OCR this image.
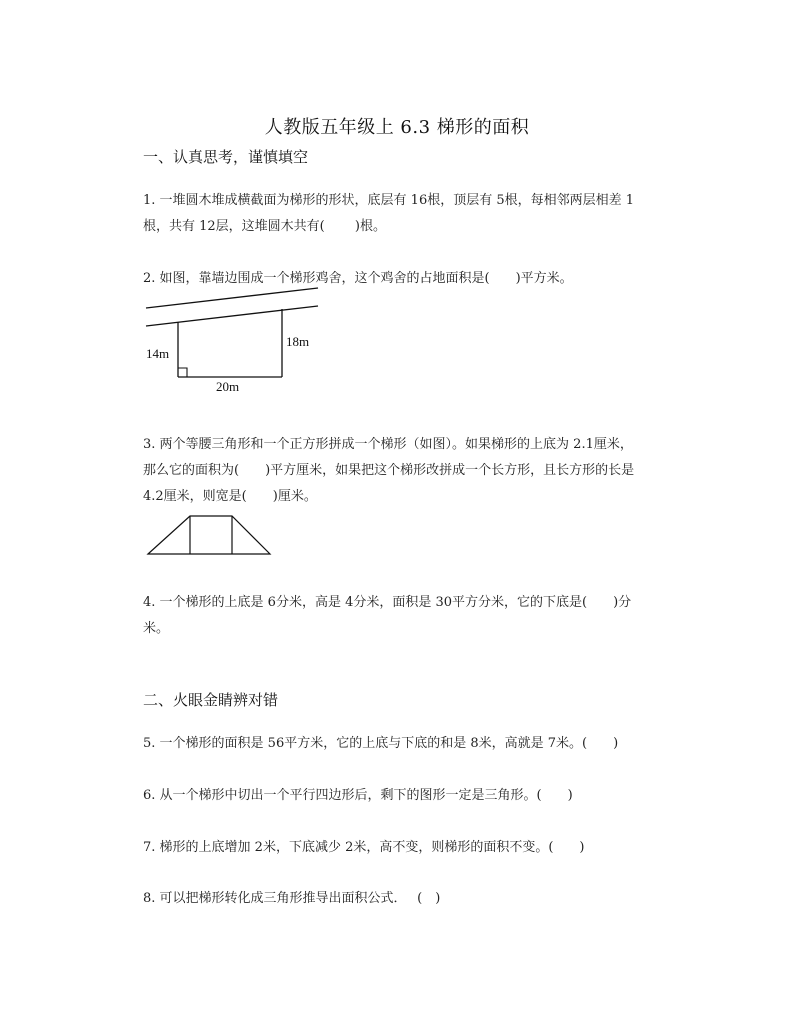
人教版五年级上 6.3 梯形的面积
一、认真思考，谨慎填空
1. 一堆圆木堆成横截面为梯形的形状，底层有 16根，顶层有 5根，每相邻两层相差 1
根，共有 12层，这堆圆木共有(　　 )根。
2. 如图，靠墙边围成一个梯形鸡舍，这个鸡舍的占地面积是(　　)平方米。
14m
18m
20m
3. 两个等腰三角形和一个正方形拼成一个梯形（如图）。如果梯形的上底为 2.1厘米，
那么它的面积为(　　)平方厘米，如果把这个梯形改拼成一个长方形，且长方形的长是
4.2厘米，则宽是(　　)厘米。
4. 一个梯形的上底是 6分米，高是 4分米，面积是 30平方分米，它的下底是(　　)分
米。
二、火眼金睛辨对错
5. 一个梯形的面积是 56平方米，它的上底与下底的和是 8米，高就是 7米。(　　)
6. 从一个梯形中切出一个平行四边形后，剩下的图形一定是三角形。(　　)
7. 梯形的上底增加 2米，下底减少 2米，高不变，则梯形的面积不变。(　　)
8. 可以把梯形转化成三角形推导出面积公式．　 (　)
